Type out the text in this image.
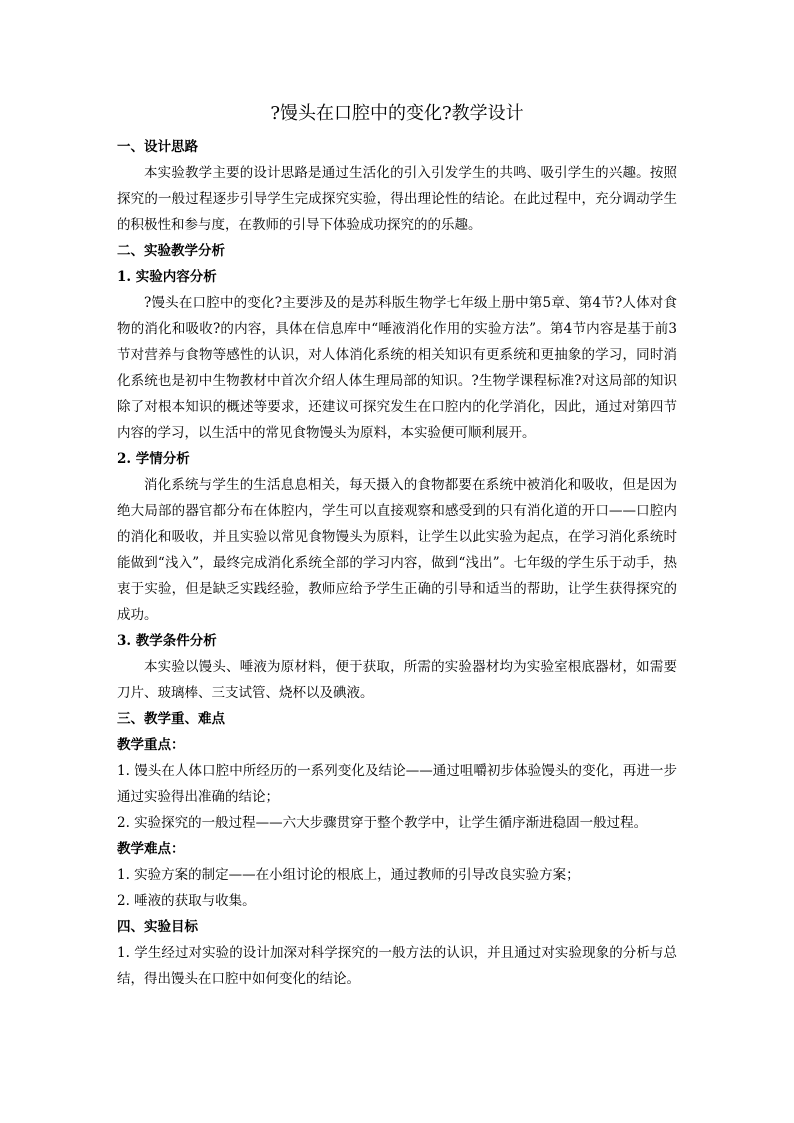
?馒头在口腔中的变化?教学设计
一、设计思路

本实验教学主要的设计思路是通过生活化的引入引发学生的共鸣、吸引学生的兴趣。按照探究的一般过程逐步引导学生完成探究实验，得出理论性的结论。在此过程中，充分调动学生的积极性和参与度，在教师的引导下体验成功探究的的乐趣。

二、实验教学分析
1. 实验内容分析

?馒头在口腔中的变化?主要涉及的是苏科版生物学七年级上册中第5章、第4节?人体对食物的消化和吸收?的内容，具体在信息库中“唾液消化作用的实验方法”。第4节内容是基于前3节对营养与食物等感性的认识，对人体消化系统的相关知识有更系统和更抽象的学习，同时消化系统也是初中生物教材中首次介绍人体生理局部的知识。?生物学课程标准?对这局部的知识除了对根本知识的概述等要求，还建议可探究发生在口腔内的化学消化，因此，通过对第四节内容的学习，以生活中的常见食物馒头为原料，本实验便可顺利展开。

2. 学情分析

消化系统与学生的生活息息相关，每天摄入的食物都要在系统中被消化和吸收，但是因为绝大局部的器官都分布在体腔内，学生可以直接观察和感受到的只有消化道的开口——口腔内的消化和吸收，并且实验以常见食物馒头为原料，让学生以此实验为起点，在学习消化系统时能做到“浅入”，最终完成消化系统全部的学习内容，做到“浅出”。七年级的学生乐于动手，热衷于实验，但是缺乏实践经验，教师应给予学生正确的引导和适当的帮助，让学生获得探究的成功。

3. 教学条件分析

本实验以馒头、唾液为原材料，便于获取，所需的实验器材均为实验室根底器材，如需要刀片、玻璃棒、三支试管、烧杯以及碘液。

三、教学重、难点
教学重点：

1. 馒头在人体口腔中所经历的一系列变化及结论——通过咀嚼初步体验馒头的变化，再进一步通过实验得出准确的结论；

2. 实验探究的一般过程——六大步骤贯穿于整个教学中，让学生循序渐进稳固一般过程。

教学难点：

1. 实验方案的制定——在小组讨论的根底上，通过教师的引导改良实验方案；

2. 唾液的获取与收集。

四、实验目标

1. 学生经过对实验的设计加深对科学探究的一般方法的认识，并且通过对实验现象的分析与总结，得出馒头在口腔中如何变化的结论。
